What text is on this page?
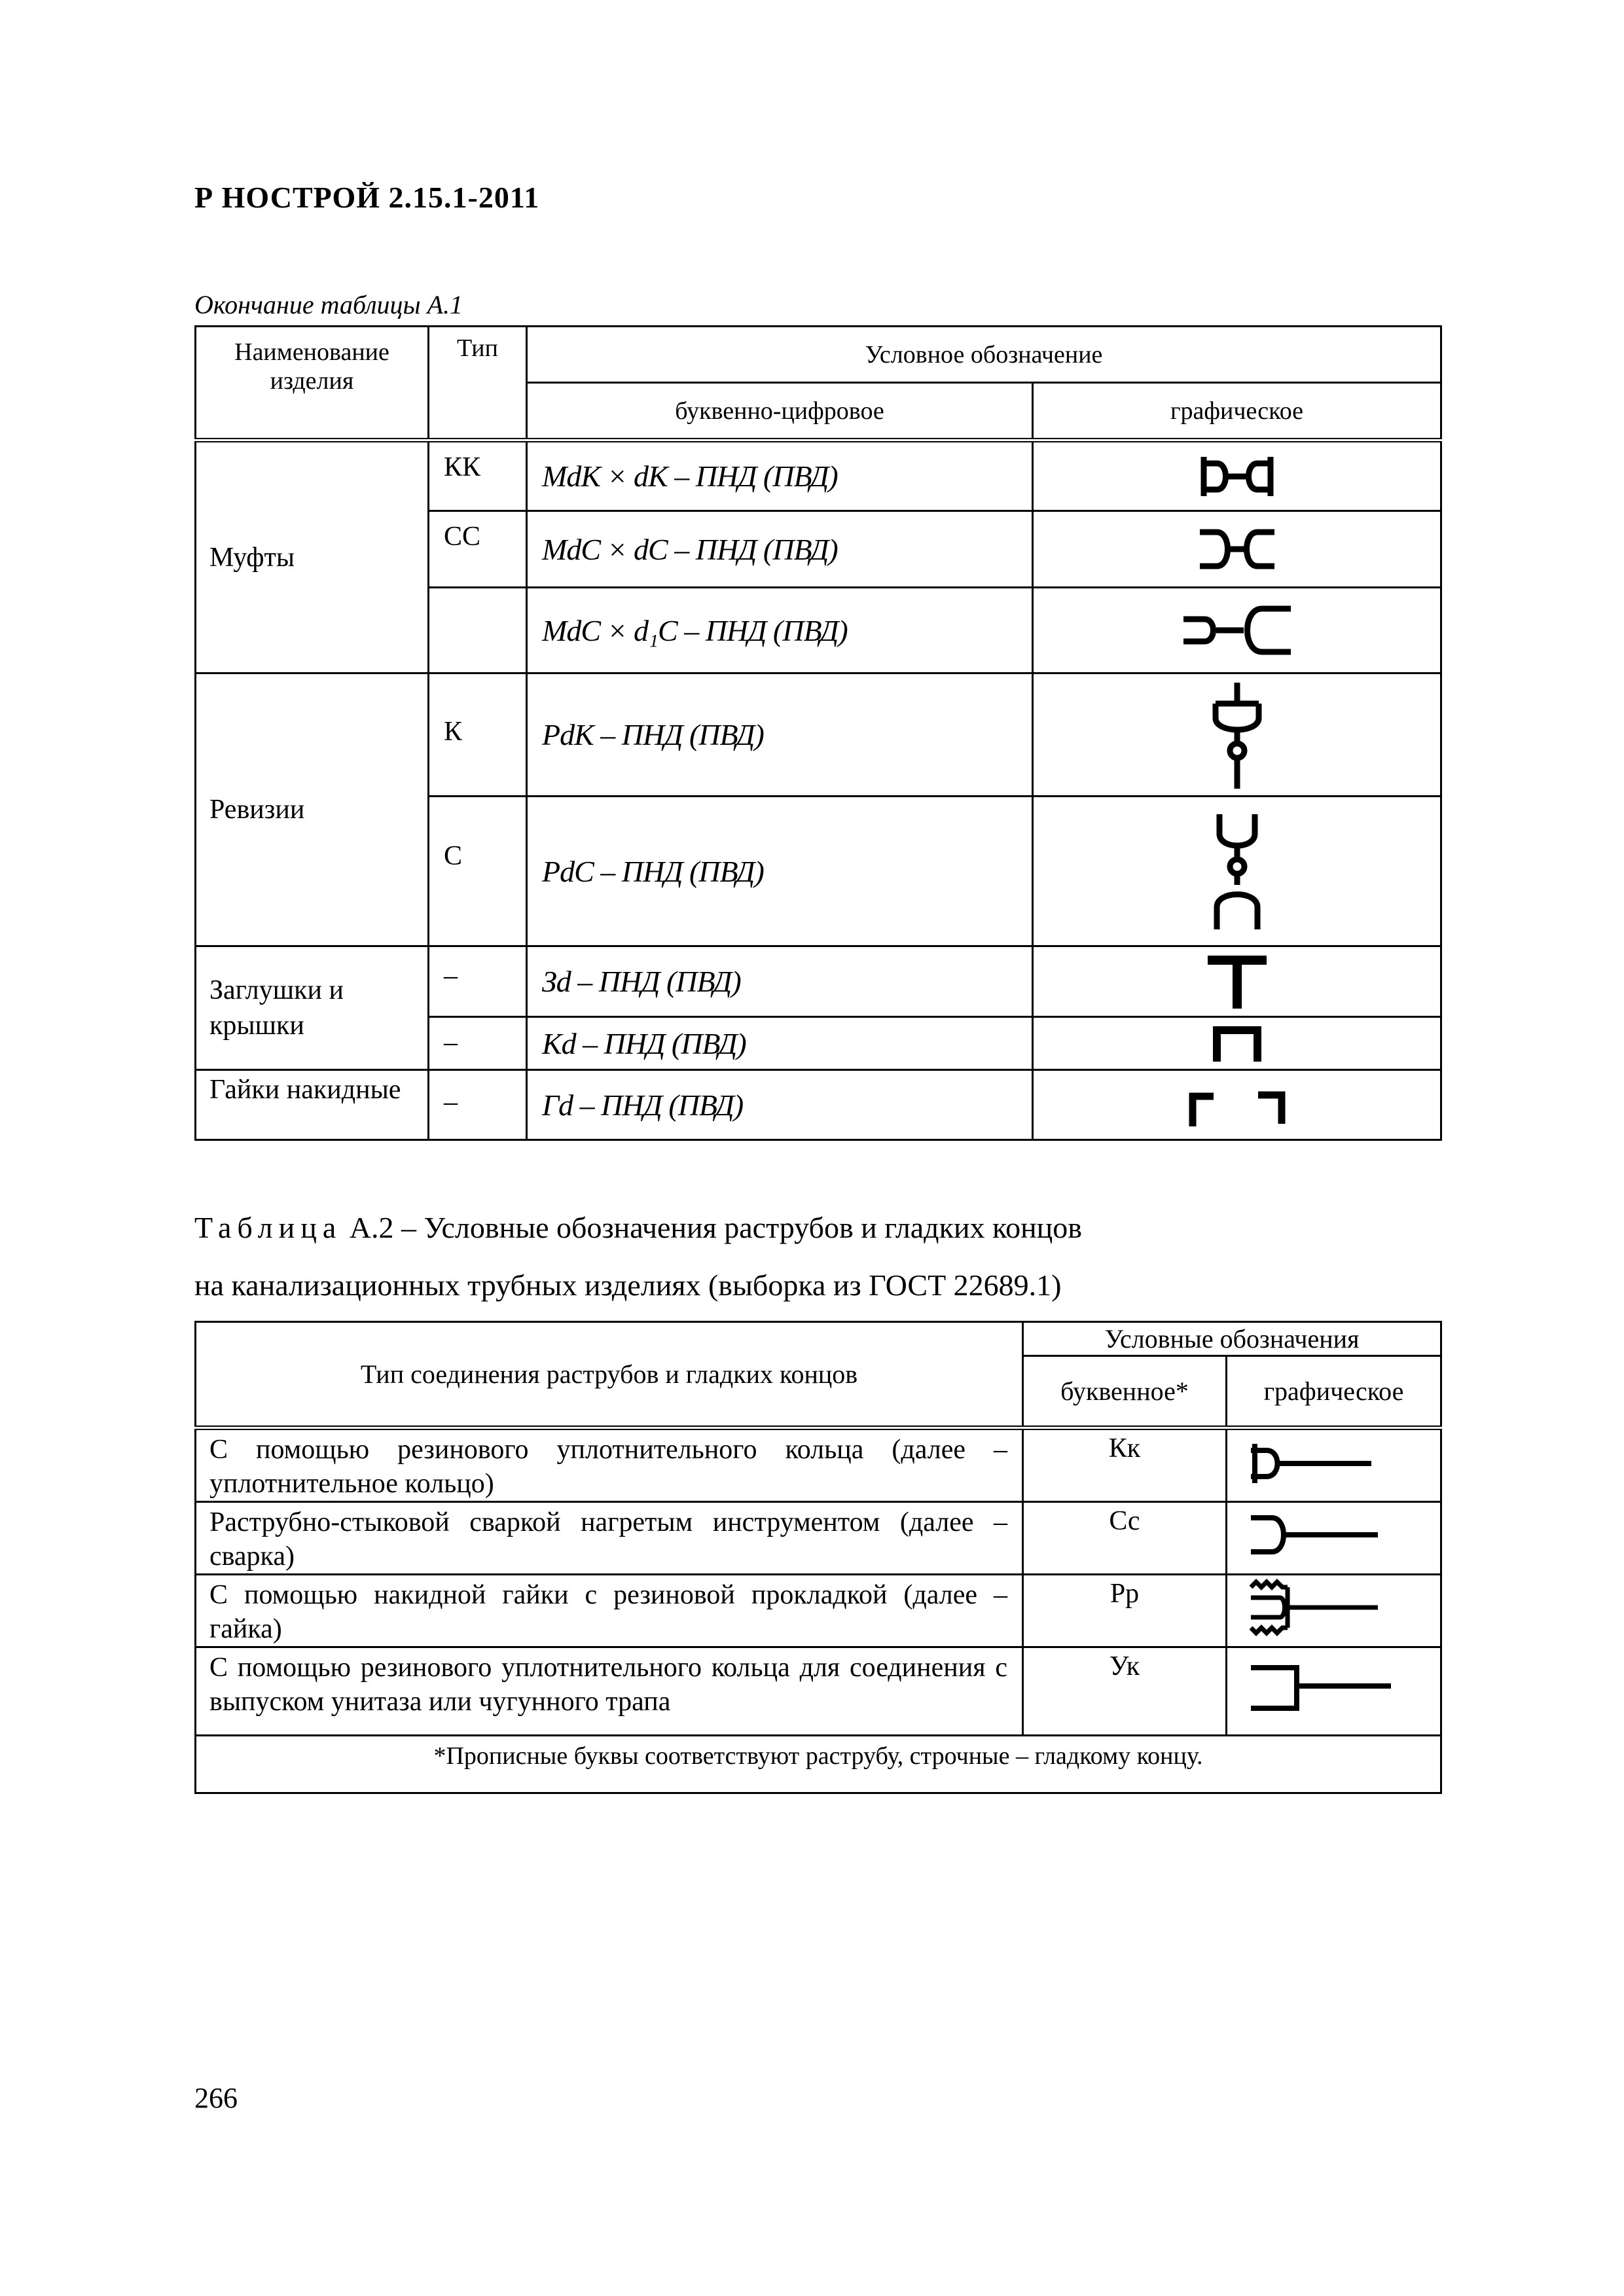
Р НОСТРОЙ 2.15.1-2011
Окончание таблицы А.1
Наименование изделия	Тип	Условное обозначение	
		буквенно-цифровое	графическое
Муфты	КК	MdK × dK – ПНД (ПВД)	
	СС	MdC × dC – ПНД (ПВД)	
		MdC × d₁C – ПНД (ПВД)	
Ревизии	К	PdK – ПНД (ПВД)	
	С	PdC – ПНД (ПВД)	
Заглушки и крышки	–	Зd – ПНД (ПВД)	
	–	Kd – ПНД (ПВД)	
Гайки накидные	–	Гd – ПНД (ПВД)	
Таблица А.2 – Условные обозначения раструбов и гладких концов
на канализационных трубных изделиях (выборка из ГОСТ 22689.1)
Тип соединения раструбов и гладких концов	Условные обозначения	
	буквенное*	графическое
С помощью резинового уплотнительного кольца (далее – уплотнительное кольцо)	Кк	
Раструбно-стыковой сваркой нагретым инструментом (далее – сварка)	Сс	
С помощью накидной гайки с резиновой прокладкой (далее – гайка)	Рр	
С помощью резинового уплотнительного кольца для соединения с выпуском унитаза или чугунного трапа	Ук	
*Прописные буквы соответствуют раструбу, строчные – гладкому концу.		
266
